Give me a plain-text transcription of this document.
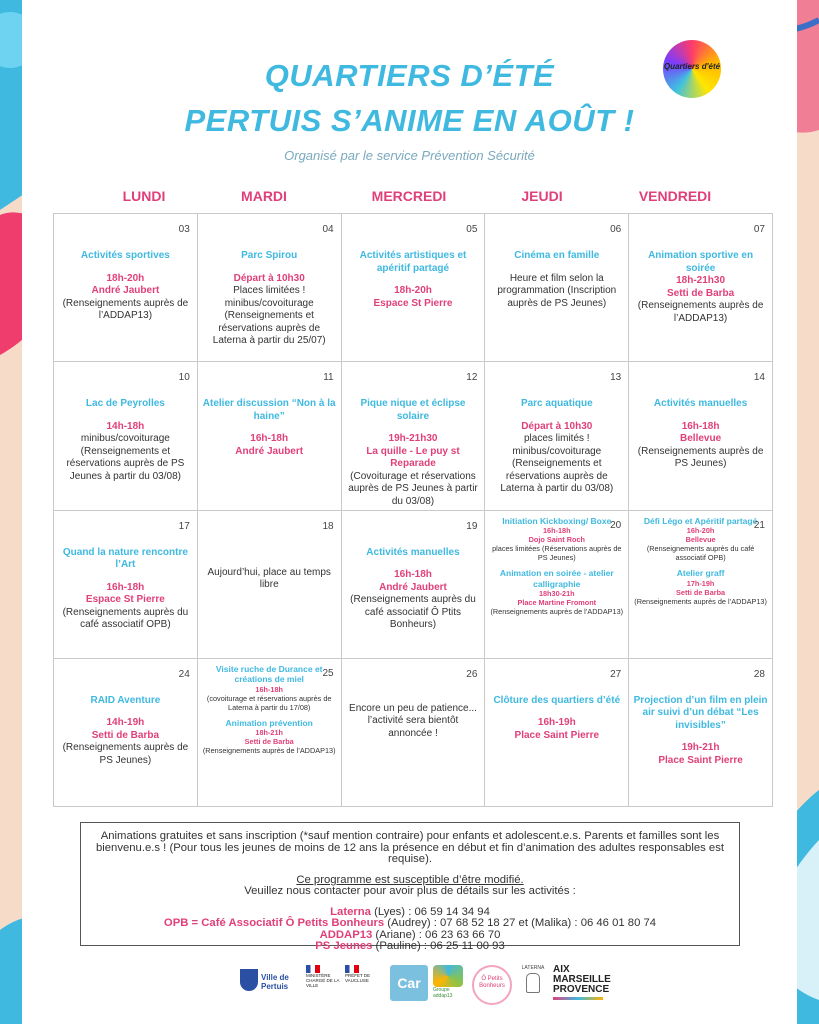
Quartiers d'été
QUARTIERS D’ÉTÉ
PERTUIS S’ANIME EN AOÛT !
Organisé par le service Prévention Sécurité
LUNDI	MARDI	MERCREDI	JEUDI	VENDREDI
03
Activités sportives
18h-20h
André Jaubert
(Renseignements auprès de l’ADDAP13)
04
Parc Spirou
Départ à 10h30
Places limitées ! minibus/covoiturage (Renseignements et réservations auprès de Laterna à partir du 25/07)
05
Activités artistiques et apéritif partagé
18h-20h
Espace St Pierre
06
Cinéma en famille
Heure et film selon la programmation (Inscription auprès de PS Jeunes)
07
Animation sportive en soirée
18h-21h30
Setti de Barba
(Renseignements auprès de l’ADDAP13)
10
Lac de Peyrolles
14h-18h
minibus/covoiturage (Renseignements et réservations auprès de PS Jeunes à partir du 03/08)
11
Atelier discussion “Non à la haine”
16h-18h
André Jaubert
12
Pique nique et éclipse solaire
19h-21h30
La quille - Le puy st Reparade
(Covoiturage et réservations auprès de PS Jeunes à partir du 03/08)
13
Parc aquatique
Départ à 10h30
places limités ! minibus/covoiturage (Renseignements et réservations auprès de Laterna à partir du 03/08)
14
Activités manuelles
16h-18h
Bellevue
(Renseignements auprès de PS Jeunes)
17
Quand la nature rencontre l’Art
16h-18h
Espace St Pierre
(Renseignements auprès du café associatif OPB)
18
Aujourd’hui, place au temps libre
19
Activités manuelles
16h-18h
André Jaubert
(Renseignements auprès du café associatif Ô Ptits Bonheurs)
20
Initiation Kickboxing/ Boxe
16h-18h
Dojo Saint Roch
places limitées (Réservations auprès de PS Jeunes)
Animation en soirée - atelier calligraphie
18h30-21h
Place Martine Fromont
(Renseignements auprès de l’ADDAP13)
21
Défi Légo et Apéritif partagé
16h-20h
Bellevue
(Renseignements auprès du café associatif OPB)
Atelier graff
17h-19h
Setti de Barba
(Renseignements auprès de l’ADDAP13)
24
RAID Aventure
14h-19h
Setti de Barba
(Renseignements auprès de PS Jeunes)
25
Visite ruche de Durance et créations de miel
16h-18h
(covoiturage et réservations auprès de Laterna à partir du 17/08)
Animation prévention
18h-21h
Setti de Barba
(Renseignements auprès de l’ADDAP13)
26
Encore un peu de patience...
l’activité sera bientôt annoncée !
27
Clôture des quartiers d’été
16h-19h
Place Saint Pierre
28
Projection d’un film en plein air suivi d’un débat “Les invisibles”
19h-21h
Place Saint Pierre
Animations gratuites et sans inscription (*sauf mention contraire) pour enfants et adolescent.e.s. Parents et familles sont les bienvenu.e.s ! (Pour tous les jeunes de moins de 12 ans la présence en début et fin d’animation des adultes responsables est requise).
Ce programme est susceptible d’être modifié.
Veuillez nous contacter pour avoir plus de détails sur les activités :
Laterna (Lyes) : 06 59 14 34 94
OPB = Café Associatif Ô Petits Bonheurs (Audrey) : 07 68 52 18 27 et (Malika) : 06 46 01 80 74
ADDAP13 (Ariane) : 06 23 63 66 70
PS Jeunes (Pauline) : 06 25 11 00 93
Ville de Pertuis
MINISTÈRE CHARGÉ DE LA VILLE
PRÉFET DE VAUCLUSE	Car	Groupe addap13
Ô Petits Bonheurs
LATERNA AIX
MARSEILLE
PROVENCE
